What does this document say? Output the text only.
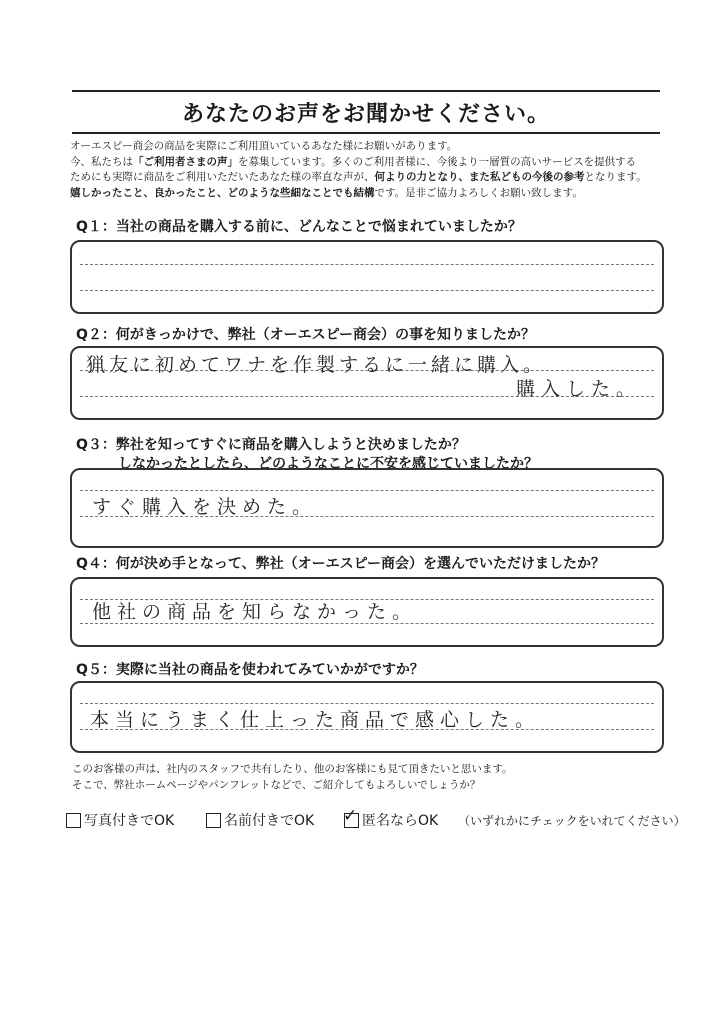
あなたのお声をお聞かせください。
オーエスピー商会の商品を実際にご利用頂いているあなた様にお願いがあります。
今、私たちは「ご利用者さまの声」を募集しています。多くのご利用者様に、今後より一層質の高いサービスを提供する
ためにも実際に商品をご利用いただいたあなた様の率直な声が、何よりの力となり、また私どもの今後の参考となります。
嬉しかったこと、良かったこと、どのような些細なことでも結構です。是非ご協力よろしくお願い致します。
Q１：当社の商品を購入する前に、どんなことで悩まれていましたか？
Q２：何がきっかけで、弊社（オーエスピー商会）の事を知りましたか？
猟友に初めてワナを作製するに一緒に購入。
購入した。
Q３：弊社を知ってすぐに商品を購入しようと決めましたか？
しなかったとしたら、どのようなことに不安を感じていましたか？
すぐ購入を決めた。
Q４：何が決め手となって、弊社（オーエスピー商会）を選んでいただけましたか？
他社の商品を知らなかった。
Q５：実際に当社の商品を使われてみていかがですか？
本当にうまく仕上った商品で感心した。
このお客様の声は、社内のスタッフで共有したり、他のお客様にも見て頂きたいと思います。
そこで、弊社ホームページやパンフレットなどで、ご紹介してもよろしいでしょうか？
写真付きでOK	名前付きでOK ✓ 匿名ならOK （いずれかにチェックをいれてください）
